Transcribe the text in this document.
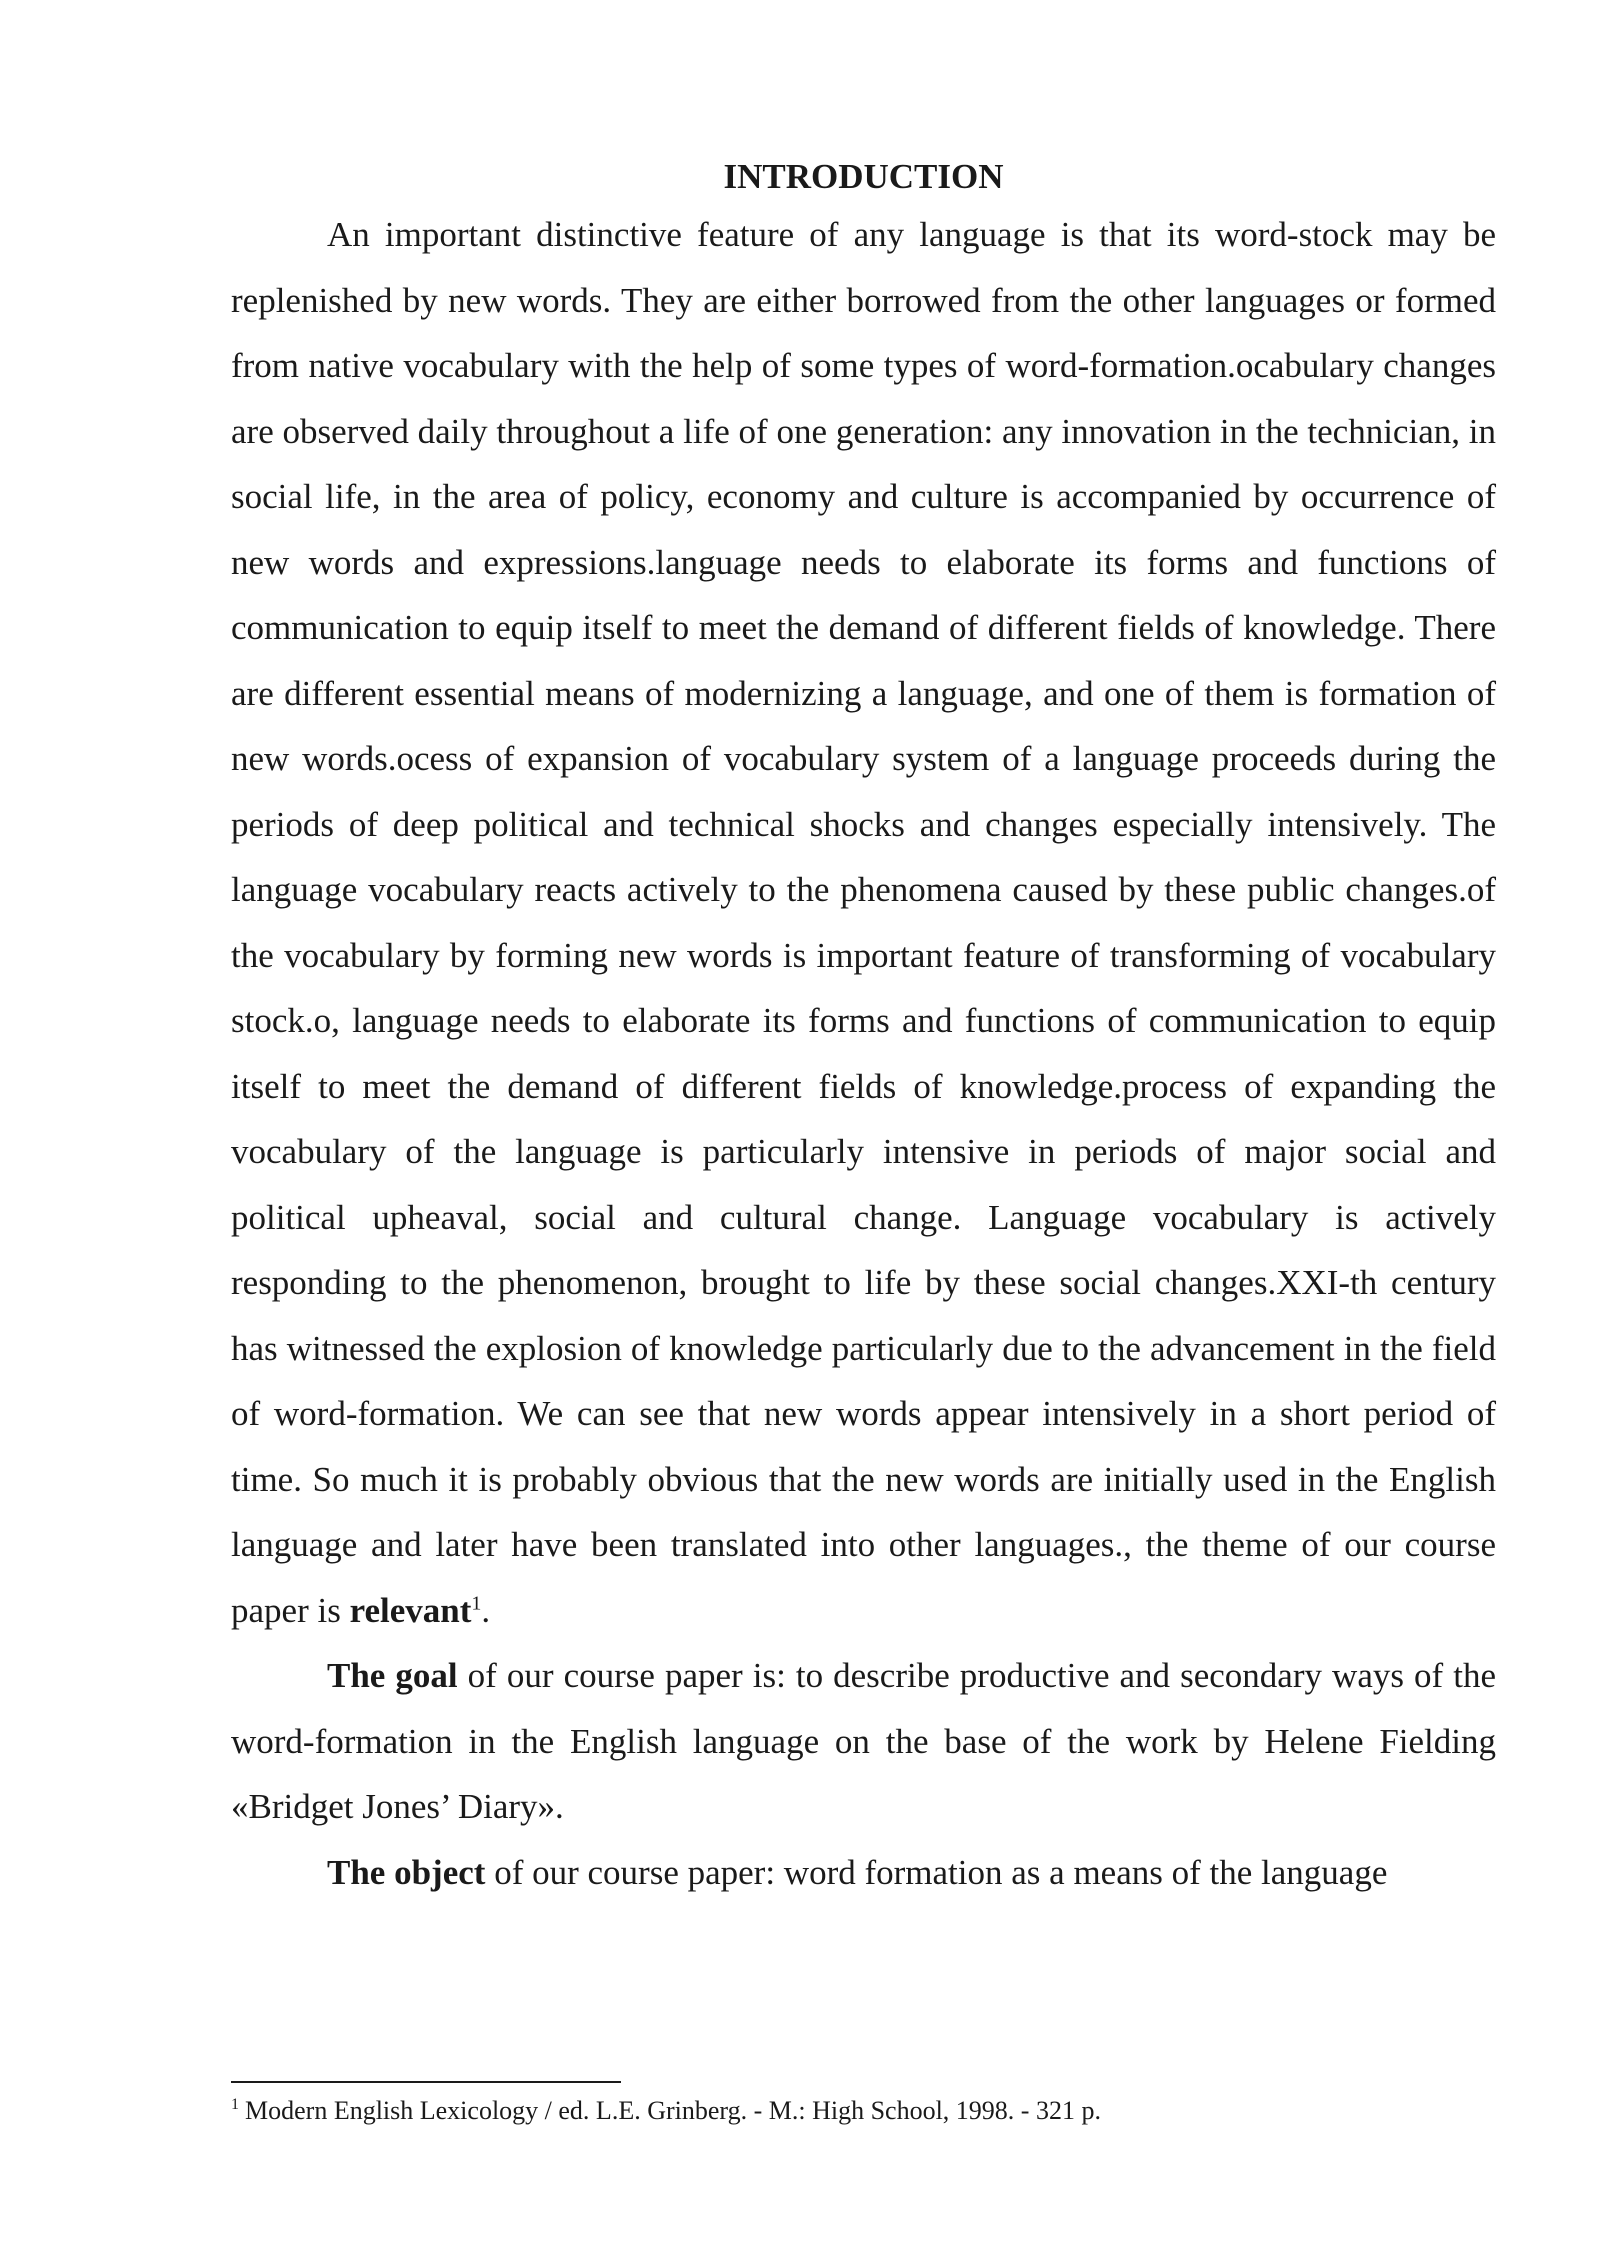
INTRODUCTION

An important distinctive feature of any language is that its word-stock may be replenished by new words. They are either borrowed from the other languages or formed from native vocabulary with the help of some types of word-formation.ocabulary changes are observed daily throughout a life of one generation: any innovation in the technician, in social life, in the area of policy, economy and culture is accompanied by occurrence of new words and expressions.language needs to elaborate its forms and functions of communication to equip itself to meet the demand of different fields of knowledge. There are different essential means of modernizing a language, and one of them is formation of new words.ocess of expansion of vocabulary system of a language proceeds during the periods of deep political and technical shocks and changes especially intensively. The language vocabulary reacts actively to the phenomena caused by these public changes.of the vocabulary by forming new words is important feature of transforming of vocabulary stock.o, language needs to elaborate its forms and functions of communication to equip itself to meet the demand of different fields of knowledge.process of expanding the vocabulary of the language is particularly intensive in periods of major social and political upheaval, social and cultural change. Language vocabulary is actively responding to the phenomenon, brought to life by these social changes.XXI-th century has witnessed the explosion of knowledge particularly due to the advancement in the field of word-formation. We can see that new words appear intensively in a short period of time. So much it is probably obvious that the new words are initially used in the English language and later have been translated into other languages., the theme of our course paper is relevant$^1$.

The goal of our course paper is: to describe productive and secondary ways of the word-formation in the English language on the base of the work by Helene Fielding «Bridget Jones’ Diary».

The object of our course paper: word formation as a means of the language

$^1$ Modern English Lexicology / ed. L.E. Grinberg. - M.: High School, 1998. - 321 p.
